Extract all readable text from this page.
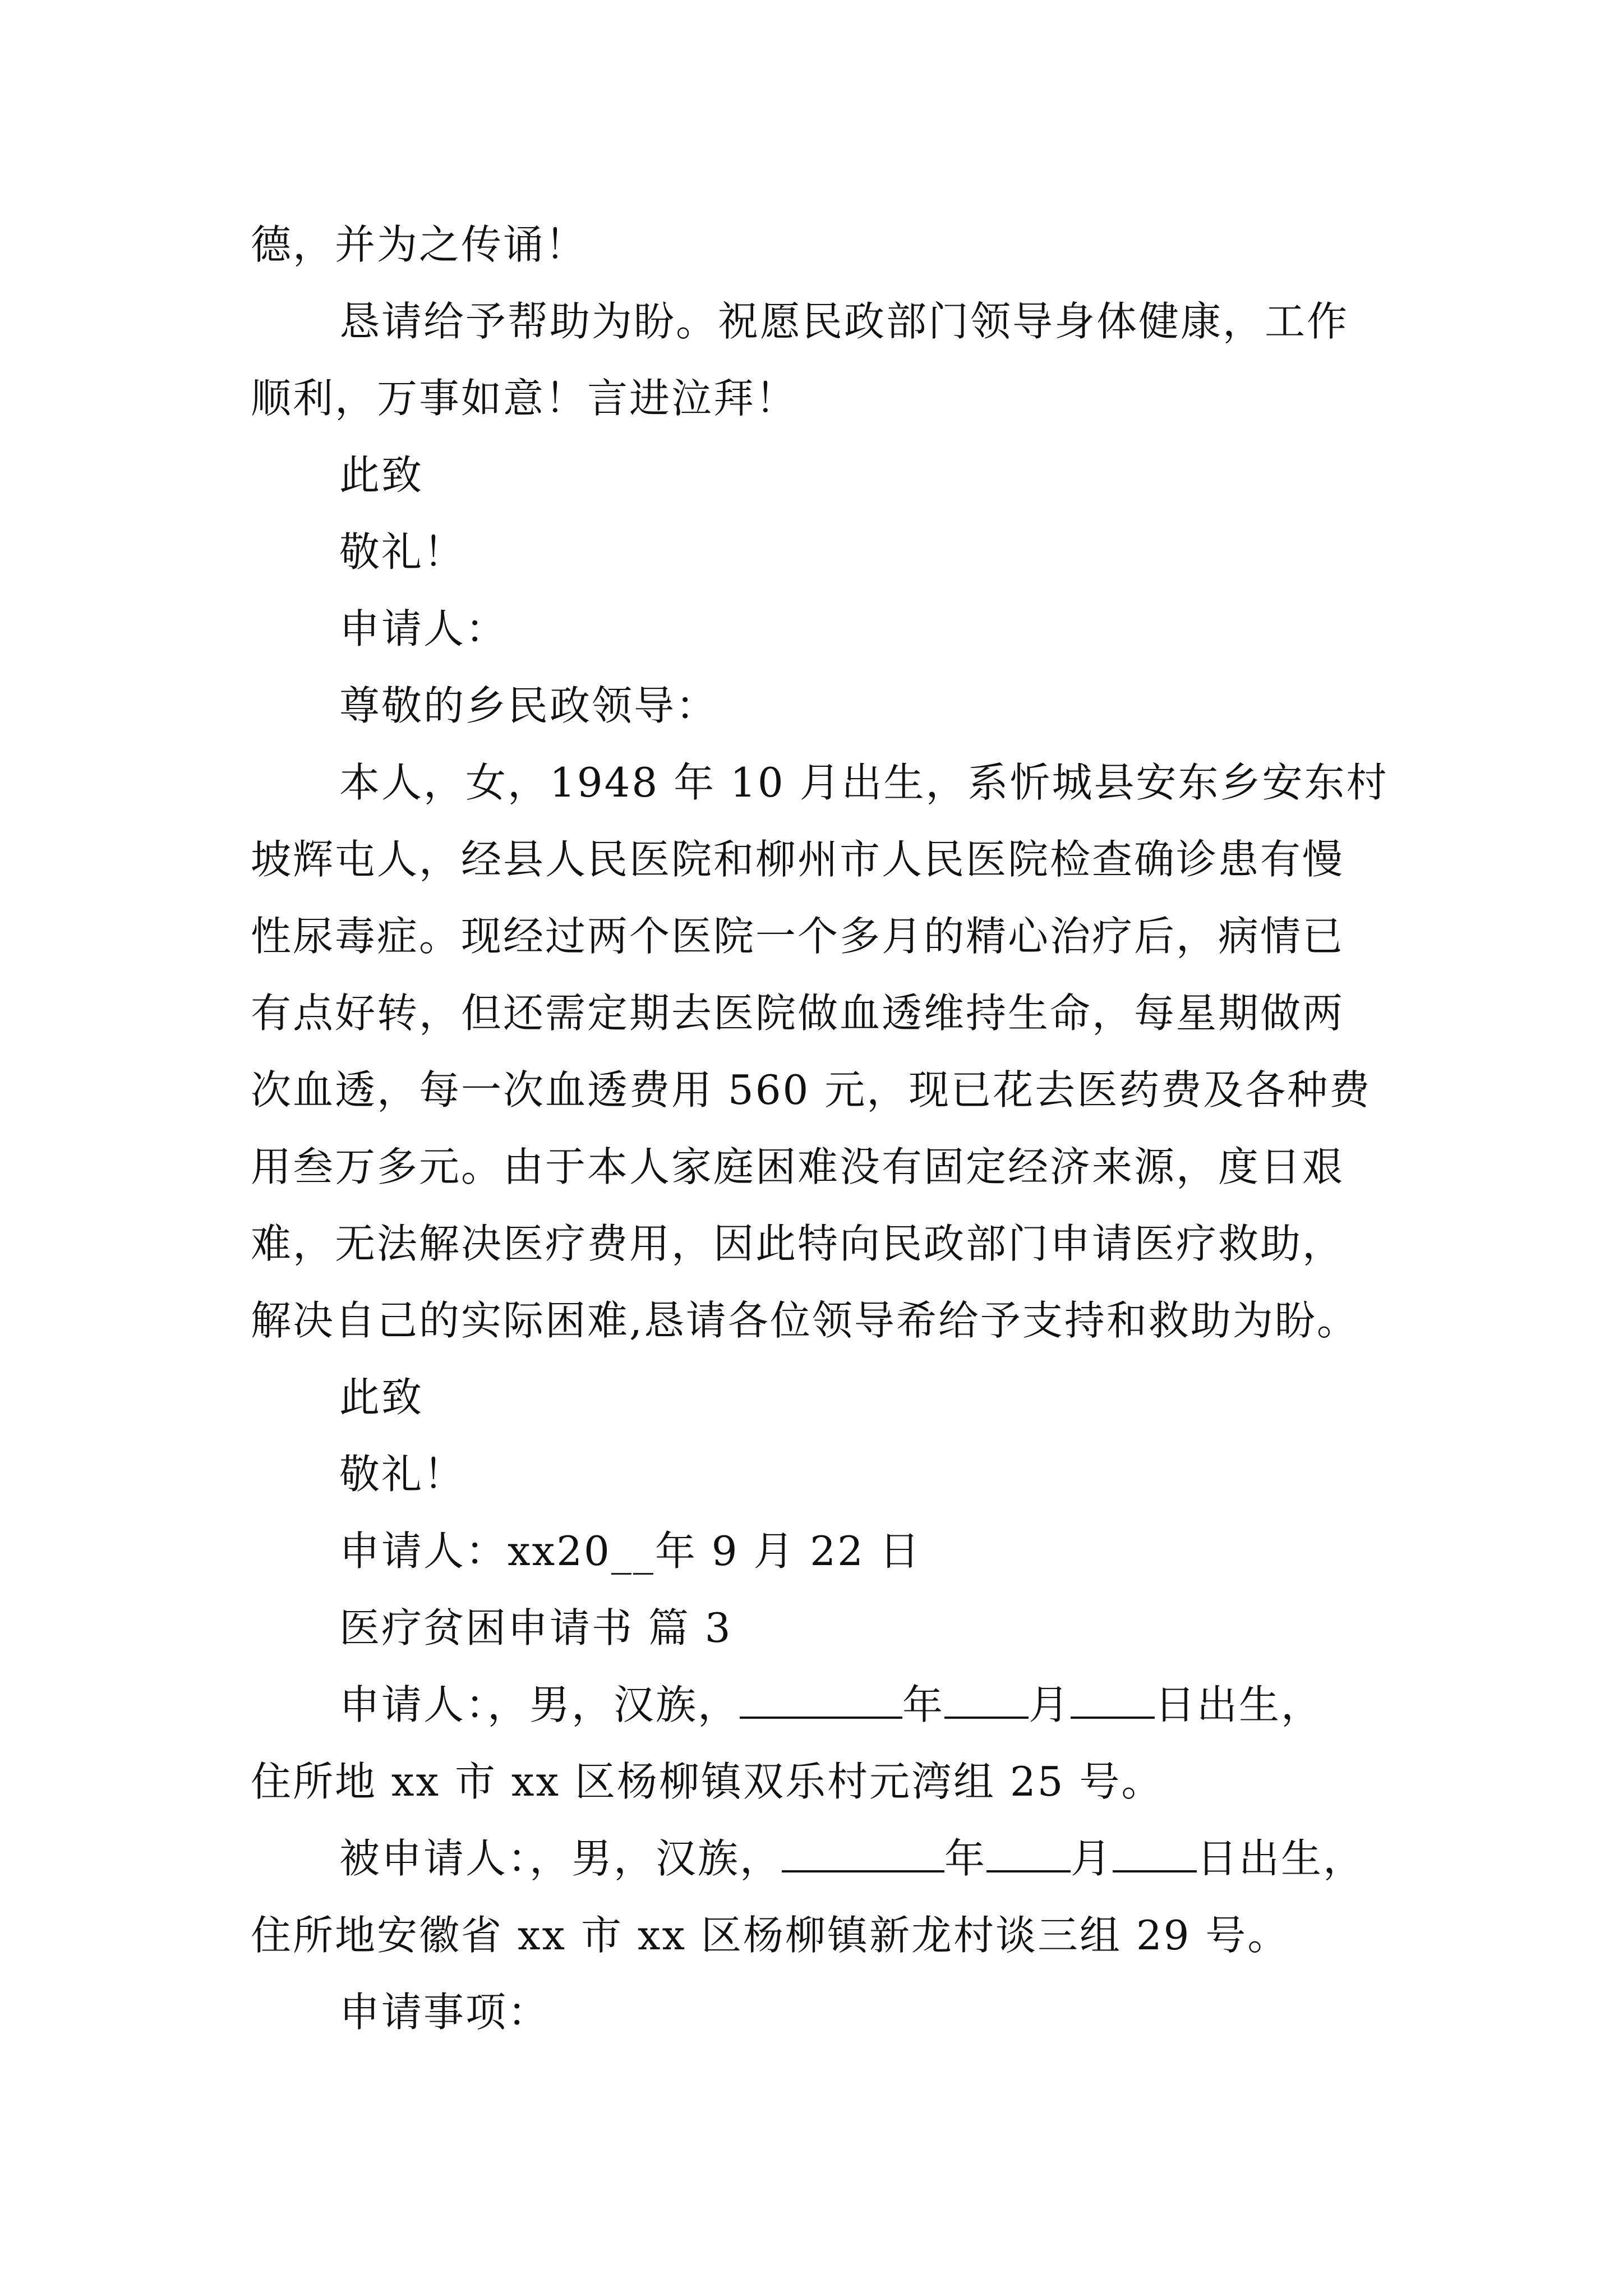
德，并为之传诵！

恳请给予帮助为盼。祝愿民政部门领导身体健康，工作

顺利，万事如意！言进泣拜！

此致

敬礼！

申请人：

尊敬的乡民政领导：

本人，女，1948 年 10 月出生，系忻城县安东乡安东村

坡辉屯人，经县人民医院和柳州市人民医院检查确诊患有慢

性尿毒症。现经过两个医院一个多月的精心治疗后，病情已

有点好转，但还需定期去医院做血透维持生命，每星期做两

次血透，每一次血透费用 560 元，现已花去医药费及各种费

用叁万多元。由于本人家庭困难没有固定经济来源，度日艰

难，无法解决医疗费用，因此特向民政部门申请医疗救助，

解决自己的实际困难,恳请各位领导希给予支持和救助为盼。

此致

敬礼！

申请人：xx20__年 9 月 22 日

医疗贫困申请书 篇 3

申请人：，男，汉族，	年 月 日出生，

住所地 xx 市 xx 区杨柳镇双乐村元湾组 25 号。

被申请人：，男，汉族，	年 月 日出生，

住所地安徽省 xx 市 xx 区杨柳镇新龙村谈三组 29 号。

申请事项：
